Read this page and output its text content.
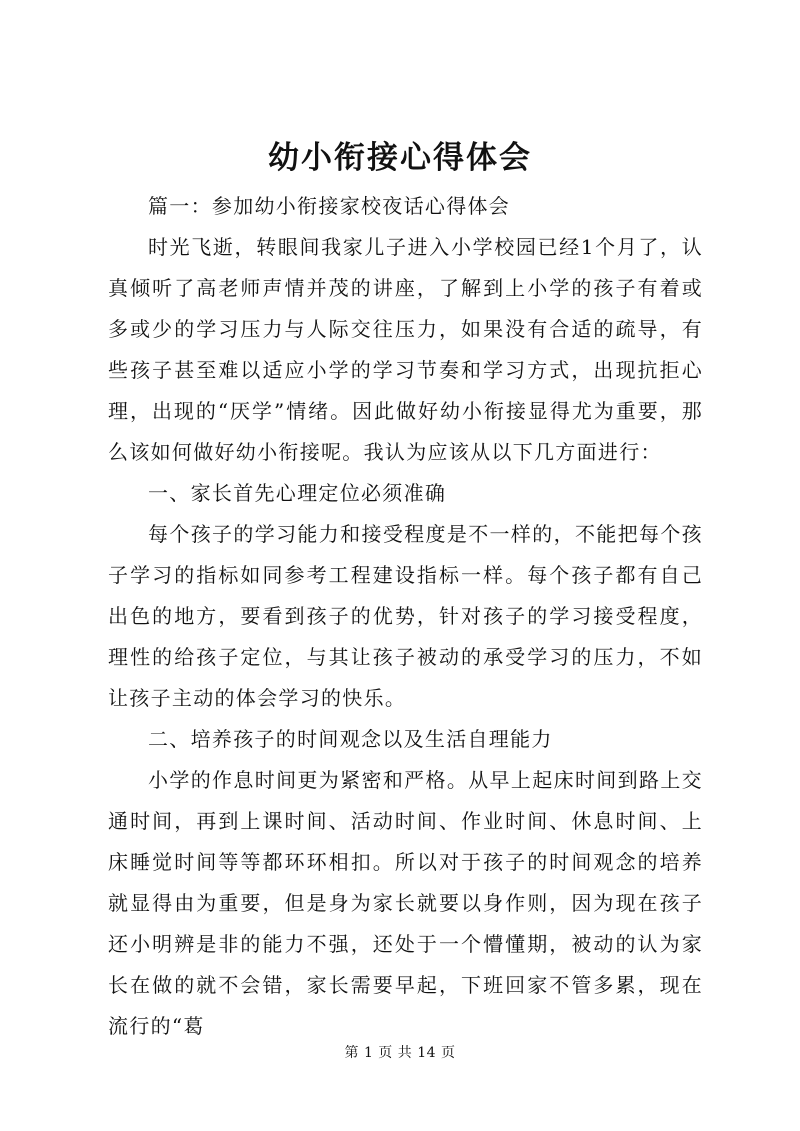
幼小衔接心得体会

篇一：参加幼小衔接家校夜话心得体会

时光飞逝，转眼间我家儿子进入小学校园已经1个月了，认真倾听了高老师声情并茂的讲座，了解到上小学的孩子有着或多或少的学习压力与人际交往压力，如果没有合适的疏导，有些孩子甚至难以适应小学的学习节奏和学习方式，出现抗拒心理，出现的“厌学”情绪。因此做好幼小衔接显得尤为重要，那么该如何做好幼小衔接呢。我认为应该从以下几方面进行：

一、家长首先心理定位必须准确

每个孩子的学习能力和接受程度是不一样的，不能把每个孩子学习的指标如同参考工程建设指标一样。每个孩子都有自己出色的地方，要看到孩子的优势，针对孩子的学习接受程度，理性的给孩子定位，与其让孩子被动的承受学习的压力，不如让孩子主动的体会学习的快乐。

二、培养孩子的时间观念以及生活自理能力

小学的作息时间更为紧密和严格。从早上起床时间到路上交通时间，再到上课时间、活动时间、作业时间、休息时间、上床睡觉时间等等都环环相扣。所以对于孩子的时间观念的培养就显得由为重要，但是身为家长就要以身作则，因为现在孩子还小明辨是非的能力不强，还处于一个懵懂期，被动的认为家长在做的就不会错，家长需要早起，下班回家不管多累，现在流行的“葛

第 1 页 共 14 页
